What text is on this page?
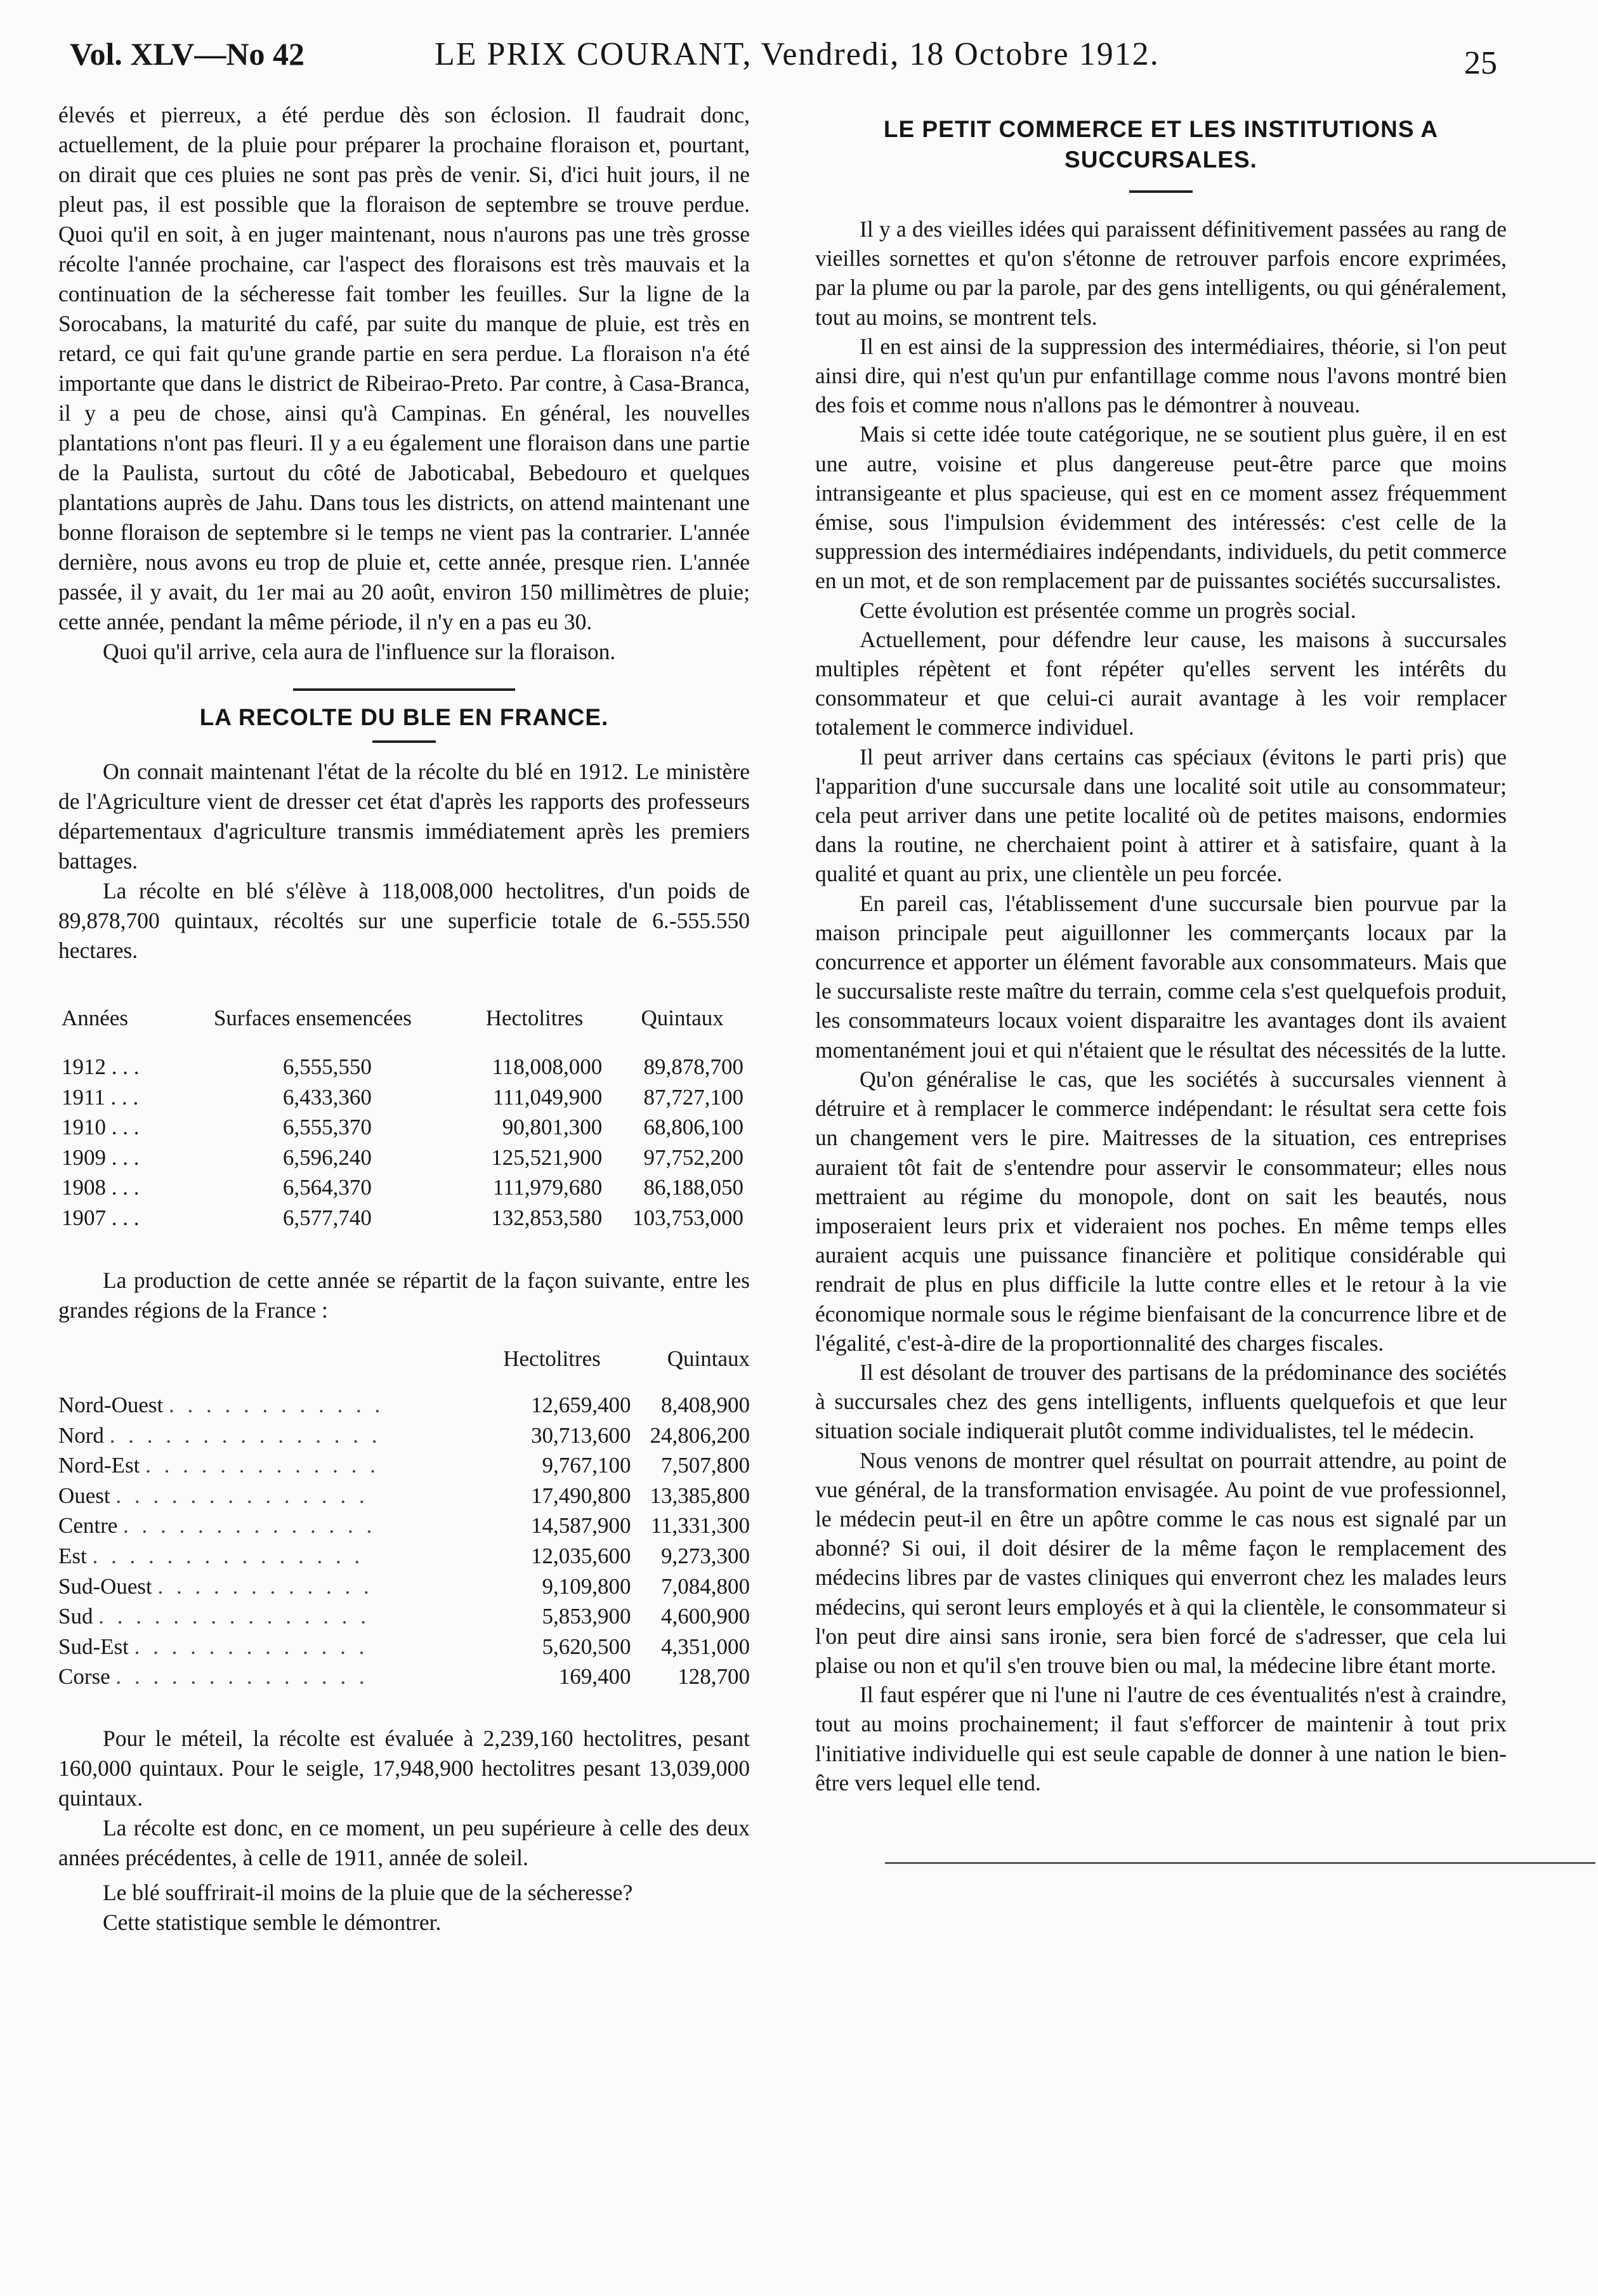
Vol. XLV—No 42	LE PRIX COURANT, Vendredi, 18 Octobre 1912.	25

élevés et pierreux, a été perdue dès son éclosion. Il faudrait donc, actuellement, de la pluie pour préparer la prochaine floraison et, pourtant, on dirait que ces pluies ne sont pas près de venir. Si, d'ici huit jours, il ne pleut pas, il est possible que la floraison de septembre se trouve perdue. Quoi qu'il en soit, à en juger maintenant, nous n'aurons pas une très grosse récolte l'année prochaine, car l'aspect des floraisons est très mauvais et la continuation de la sécheresse fait tomber les feuilles. Sur la ligne de la Sorocabans, la maturité du café, par suite du manque de pluie, est très en retard, ce qui fait qu'une grande partie en sera perdue. La floraison n'a été importante que dans le district de Ribeirao-Preto. Par contre, à Casa-Branca, il y a peu de chose, ainsi qu'à Campinas. En général, les nouvelles plantations n'ont pas fleuri. Il y a eu également une floraison dans une partie de la Paulista, surtout du côté de Jaboticabal, Bebedouro et quelques plantations auprès de Jahu. Dans tous les districts, on attend maintenant une bonne floraison de septembre si le temps ne vient pas la contrarier. L'année dernière, nous avons eu trop de pluie et, cette année, presque rien. L'année passée, il y avait, du 1er mai au 20 août, environ 150 millimètres de pluie; cette année, pendant la même période, il n'y en a pas eu 30.

Quoi qu'il arrive, cela aura de l'influence sur la floraison.

LA RECOLTE DU BLE EN FRANCE.

On connait maintenant l'état de la récolte du blé en 1912. Le ministère de l'Agriculture vient de dresser cet état d'après les rapports des professeurs départementaux d'agriculture transmis immédiatement après les premiers battages.

La récolte en blé s'élève à 118,008,000 hectolitres, d'un poids de 89,878,700 quintaux, récoltés sur une superficie totale de 6.-555.550 hectares.

Années	Surfaces ensemencées	Hectolitres	Quintaux

1912 . . .	6,555,550	118,008,000	89,878,700
1911 . . .	6,433,360	111,049,900	87,727,100
1910 . . .	6,555,370	90,801,300	68,806,100
1909 . . .	6,596,240	125,521,900	97,752,200
1908 . . .	6,564,370	111,979,680	86,188,050
1907 . . .	6,577,740	132,853,580	103,753,000

La production de cette année se répartit de la façon suivante, entre les grandes régions de la France :

	Hectolitres	Quintaux
Nord-Ouest . . . . . . . . . . . .	12,659,400	8,408,900
Nord . . . . . . . . . . . . . . .	30,713,600	24,806,200
Nord-Est . . . . . . . . . . . . .	9,767,100	7,507,800
Ouest . . . . . . . . . . . . . .	17,490,800	13,385,800
Centre . . . . . . . . . . . . . .	14,587,900	11,331,300
Est . . . . . . . . . . . . . . .	12,035,600	9,273,300
Sud-Ouest . . . . . . . . . . . .	9,109,800	7,084,800
Sud . . . . . . . . . . . . . . .	5,853,900	4,600,900
Sud-Est . . . . . . . . . . . . .	5,620,500	4,351,000
Corse . . . . . . . . . . . . . .	169,400	128,700

Pour le méteil, la récolte est évaluée à 2,239,160 hectolitres, pesant 160,000 quintaux. Pour le seigle, 17,948,900 hectolitres pesant 13,039,000 quintaux.

La récolte est donc, en ce moment, un peu supérieure à celle des deux années précédentes, à celle de 1911, année de soleil.

Le blé souffrirait-il moins de la pluie que de la sécheresse?

Cette statistique semble le démontrer.

LE PETIT COMMERCE ET LES INSTITUTIONS A SUCCURSALES.

Il y a des vieilles idées qui paraissent définitivement passées au rang de vieilles sornettes et qu'on s'étonne de retrouver parfois encore exprimées, par la plume ou par la parole, par des gens intelligents, ou qui généralement, tout au moins, se montrent tels.

Il en est ainsi de la suppression des intermédiaires, théorie, si l'on peut ainsi dire, qui n'est qu'un pur enfantillage comme nous l'avons montré bien des fois et comme nous n'allons pas le démontrer à nouveau.

Mais si cette idée toute catégorique, ne se soutient plus guère, il en est une autre, voisine et plus dangereuse peut-être parce que moins intransigeante et plus spacieuse, qui est en ce moment assez fréquemment émise, sous l'impulsion évidemment des intéressés: c'est celle de la suppression des intermédiaires indépendants, individuels, du petit commerce en un mot, et de son remplacement par de puissantes sociétés succursalistes.

Cette évolution est présentée comme un progrès social.

Actuellement, pour défendre leur cause, les maisons à succursales multiples répètent et font répéter qu'elles servent les intérêts du consommateur et que celui-ci aurait avantage à les voir remplacer totalement le commerce individuel.

Il peut arriver dans certains cas spéciaux (évitons le parti pris) que l'apparition d'une succursale dans une localité soit utile au consommateur; cela peut arriver dans une petite localité où de petites maisons, endormies dans la routine, ne cherchaient point à attirer et à satisfaire, quant à la qualité et quant au prix, une clientèle un peu forcée.

En pareil cas, l'établissement d'une succursale bien pourvue par la maison principale peut aiguillonner les commerçants locaux par la concurrence et apporter un élément favorable aux consommateurs. Mais que le succursaliste reste maître du terrain, comme cela s'est quelquefois produit, les consommateurs locaux voient disparaitre les avantages dont ils avaient momentanément joui et qui n'étaient que le résultat des nécessités de la lutte.

Qu'on généralise le cas, que les sociétés à succursales viennent à détruire et à remplacer le commerce indépendant: le résultat sera cette fois un changement vers le pire. Maitresses de la situation, ces entreprises auraient tôt fait de s'entendre pour asservir le consommateur; elles nous mettraient au régime du monopole, dont on sait les beautés, nous imposeraient leurs prix et videraient nos poches. En même temps elles auraient acquis une puissance financière et politique considérable qui rendrait de plus en plus difficile la lutte contre elles et le retour à la vie économique normale sous le régime bienfaisant de la concurrence libre et de l'égalité, c'est-à-dire de la proportionnalité des charges fiscales.

Il est désolant de trouver des partisans de la prédominance des sociétés à succursales chez des gens intelligents, influents quelquefois et que leur situation sociale indiquerait plutôt comme individualistes, tel le médecin.

Nous venons de montrer quel résultat on pourrait attendre, au point de vue général, de la transformation envisagée. Au point de vue professionnel, le médecin peut-il en être un apôtre comme le cas nous est signalé par un abonné? Si oui, il doit désirer de la même façon le remplacement des médecins libres par de vastes cliniques qui enverront chez les malades leurs médecins, qui seront leurs employés et à qui la clientèle, le consommateur si l'on peut dire ainsi sans ironie, sera bien forcé de s'adresser, que cela lui plaise ou non et qu'il s'en trouve bien ou mal, la médecine libre étant morte.

Il faut espérer que ni l'une ni l'autre de ces éventualités n'est à craindre, tout au moins prochainement; il faut s'efforcer de maintenir à tout prix l'initiative individuelle qui est seule capable de donner à une nation le bien-être vers lequel elle tend.
